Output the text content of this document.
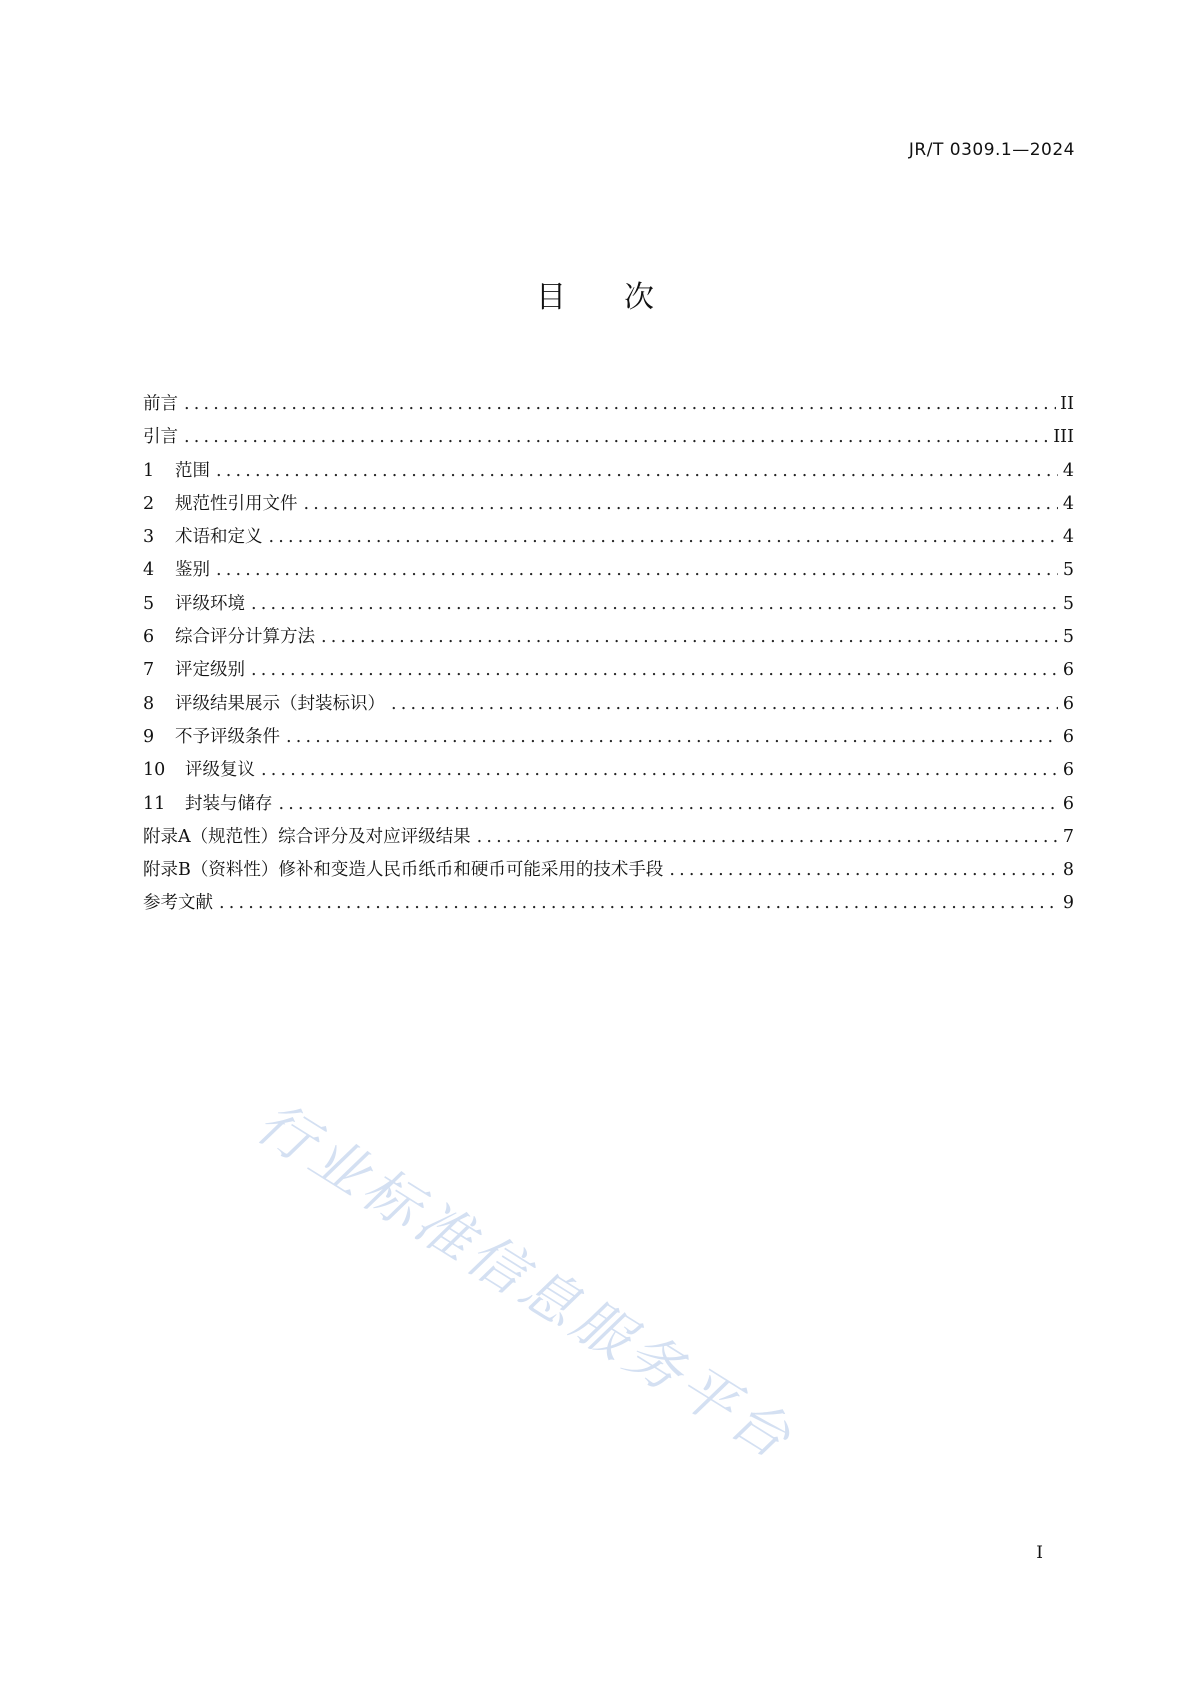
JR/T 0309.1—2024
目 次
前言 .....	II
引言 .....	III
1	范围 .....	4
2	规范性引用文件 .....	4
3	术语和定义 .....	4
4	鉴别 .....	5
5	评级环境 .....	5
6	综合评分计算方法 .....	5
7	评定级别 .....	6
8	评级结果展示（封装标识） .....	6
9	不予评级条件 .....	6
10	评级复议 .....	6
11	封装与储存 .....	6
附录A（规范性）综合评分及对应评级结果 .....	7
附录B（资料性）修补和变造人民币纸币和硬币可能采用的技术手段 .....	8
参考文献 .....	9
行业标准信息服务平台
I
